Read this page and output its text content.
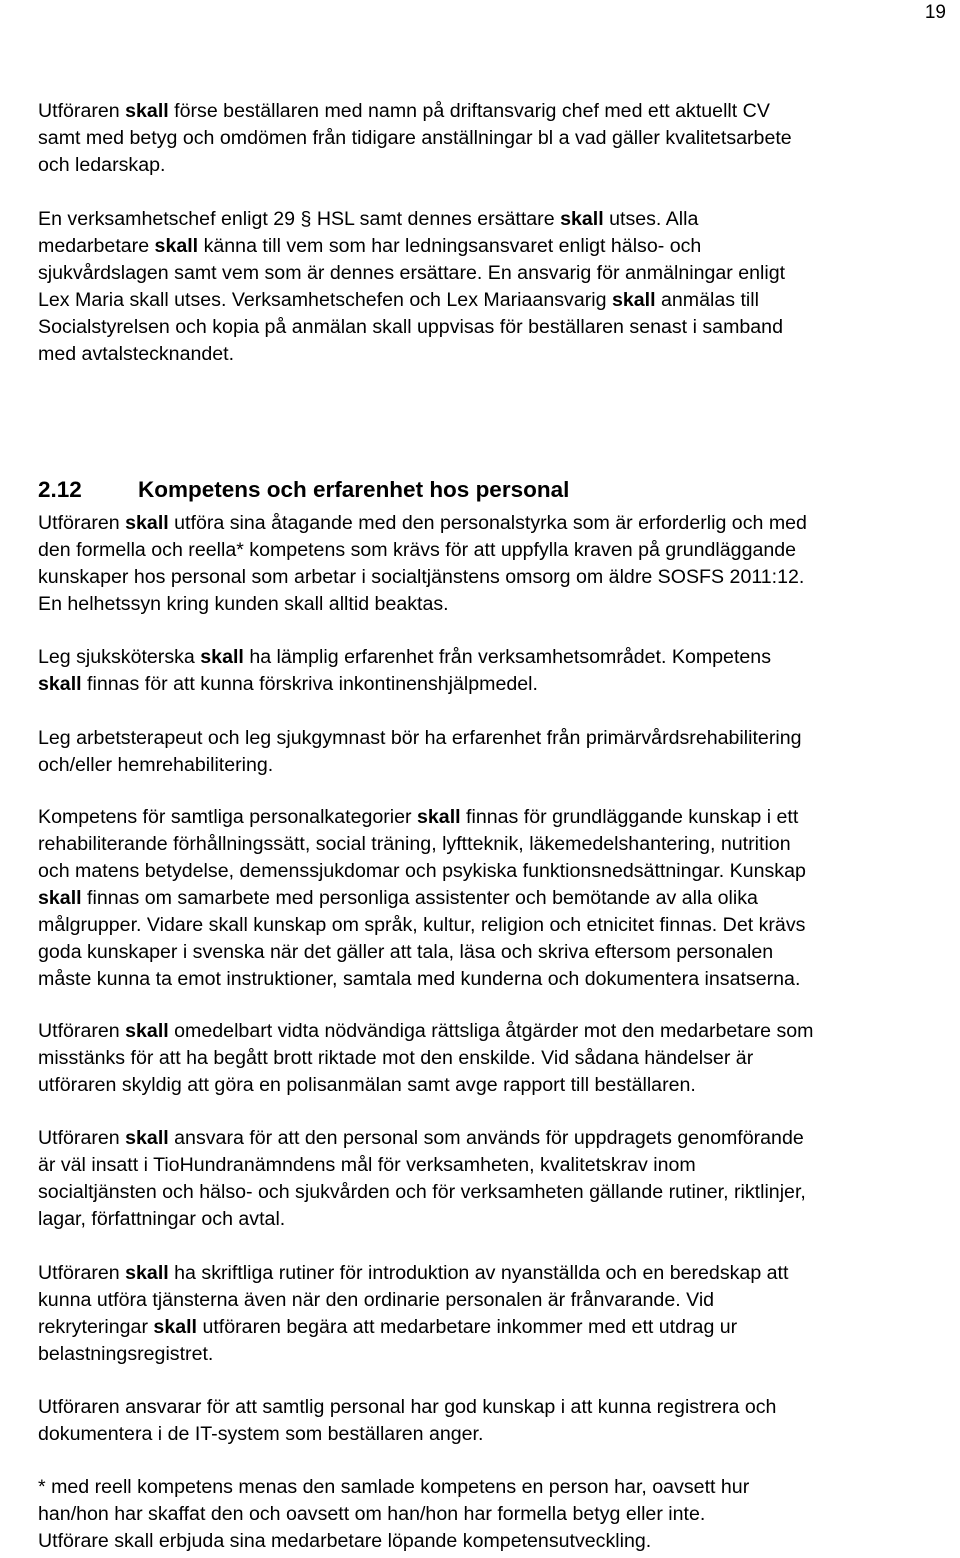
19
Utföraren skall förse beställaren med namn på driftansvarig chef med ett aktuellt CV
samt med betyg och omdömen från tidigare anställningar bl a vad gäller kvalitetsarbete
och ledarskap.
En verksamhetschef enligt 29 § HSL samt dennes ersättare skall utses. Alla
medarbetare skall känna till vem som har ledningsansvaret enligt hälso- och
sjukvårdslagen samt vem som är dennes ersättare. En ansvarig för anmälningar enligt
Lex Maria skall utses. Verksamhetschefen och Lex Mariaansvarig skall anmälas till
Socialstyrelsen och kopia på anmälan skall uppvisas för beställaren senast i samband
med avtalstecknandet.
2.12 Kompetens och erfarenhet hos personal
Utföraren skall utföra sina åtagande med den personalstyrka som är erforderlig och med
den formella och reella* kompetens som krävs för att uppfylla kraven på grundläggande
kunskaper hos personal som arbetar i socialtjänstens omsorg om äldre SOSFS 2011:12.
En helhetssyn kring kunden skall alltid beaktas.
Leg sjuksköterska skall ha lämplig erfarenhet från verksamhetsområdet. Kompetens
skall finnas för att kunna förskriva inkontinenshjälpmedel.
Leg arbetsterapeut och leg sjukgymnast bör ha erfarenhet från primärvårdsrehabilitering
och/eller hemrehabilitering.
Kompetens för samtliga personalkategorier skall finnas för grundläggande kunskap i ett
rehabiliterande förhållningssätt, social träning, lyftteknik, läkemedelshantering, nutrition
och matens betydelse, demenssjukdomar och psykiska funktionsnedsättningar. Kunskap
skall finnas om samarbete med personliga assistenter och bemötande av alla olika
målgrupper. Vidare skall kunskap om språk, kultur, religion och etnicitet finnas. Det krävs
goda kunskaper i svenska när det gäller att tala, läsa och skriva eftersom personalen
måste kunna ta emot instruktioner, samtala med kunderna och dokumentera insatserna.
Utföraren skall omedelbart vidta nödvändiga rättsliga åtgärder mot den medarbetare som
misstänks för att ha begått brott riktade mot den enskilde. Vid sådana händelser är
utföraren skyldig att göra en polisanmälan samt avge rapport till beställaren.
Utföraren skall ansvara för att den personal som används för uppdragets genomförande
är väl insatt i TioHundranämndens mål för verksamheten, kvalitetskrav inom
socialtjänsten och hälso- och sjukvården och för verksamheten gällande rutiner, riktlinjer,
lagar, författningar och avtal.
Utföraren skall ha skriftliga rutiner för introduktion av nyanställda och en beredskap att
kunna utföra tjänsterna även när den ordinarie personalen är frånvarande. Vid
rekryteringar skall utföraren begära att medarbetare inkommer med ett utdrag ur
belastningsregistret.
Utföraren ansvarar för att samtlig personal har god kunskap i att kunna registrera och
dokumentera i de IT-system som beställaren anger.
* med reell kompetens menas den samlade kompetens en person har, oavsett hur
han/hon har skaffat den och oavsett om han/hon har formella betyg eller inte.
Utförare skall erbjuda sina medarbetare löpande kompetensutveckling.
